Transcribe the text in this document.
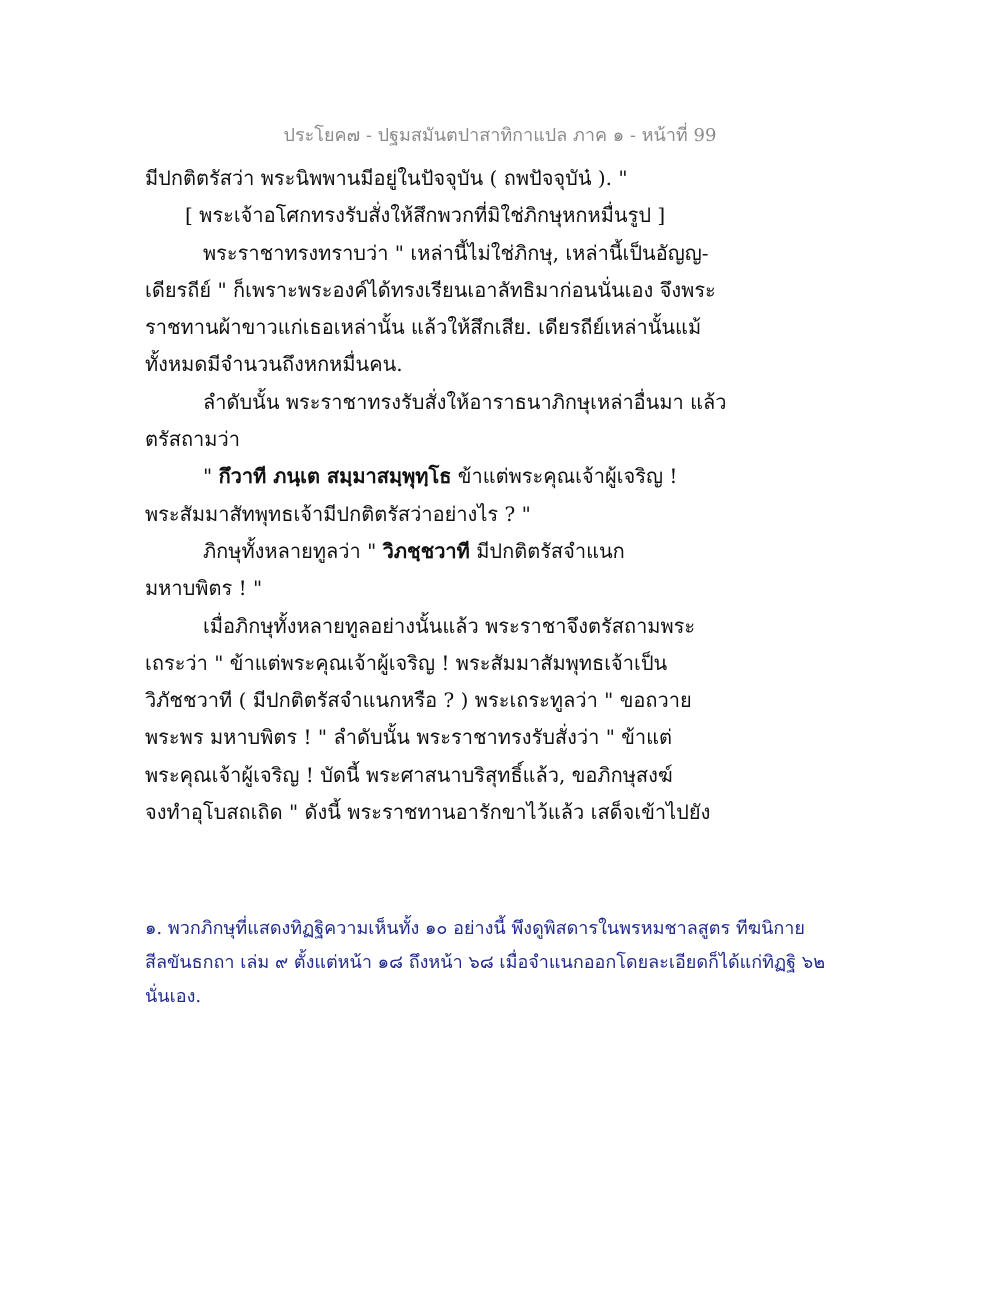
ประโยค๗ - ปฐมสมันตปาสาทิกาแปล ภาค ๑ - หน้าที่ 99
มีปกติตรัสว่า พระนิพพานมีอยู่ในปัจจุบัน ( ถพปัจจุบัน๋ ). "
[ พระเจ้าอโศกทรงรับสั่งให้สึกพวกที่มิใช่ภิกษุหกหมื่นรูป ]
พระราชาทรงทราบว่า " เหล่านี้ไม่ใช่ภิกษุ, เหล่านี้เป็นอัญญ-
เดียรถีย์ " ก็เพราะพระองค์ได้ทรงเรียนเอาลัทธิมาก่อนนั่นเอง จึงพระ
ราชทานผ้าขาวแก่เธอเหล่านั้น แล้วให้สึกเสีย. เดียรถีย์เหล่านั้นแม้
ทั้งหมดมีจำนวนถึงหกหมื่นคน.
ลำดับนั้น พระราชาทรงรับสั่งให้อาราธนาภิกษุเหล่าอื่นมา แล้ว
ตรัสถามว่า
" กึวาที ภนฺเต สมฺมาสมฺพุทฺโธ ข้าแต่พระคุณเจ้าผู้เจริญ !
พระสัมมาสัทพุทธเจ้ามีปกติตรัสว่าอย่างไร ? "
ภิกษุทั้งหลายทูลว่า " วิภชฺชวาที มีปกติตรัสจำแนก
มหาบพิตร ! "
เมื่อภิกษุทั้งหลายทูลอย่างนั้นแล้ว พระราชาจึงตรัสถามพระ
เถระว่า " ข้าแต่พระคุณเจ้าผู้เจริญ ! พระสัมมาสัมพุทธเจ้าเป็น
วิภัชชวาที ( มีปกติตรัสจำแนกหรือ ? ) พระเถระทูลว่า " ขอถวาย
พระพร มหาบพิตร ! " ลำดับนั้น พระราชาทรงรับสั่งว่า " ข้าแต่
พระคุณเจ้าผู้เจริญ ! บัดนี้ พระศาสนาบริสุทธิ์แล้ว, ขอภิกษุสงฆ์
จงทำอุโบสถเถิด " ดังนี้ พระราชทานอารักขาไว้แล้ว เสด็จเข้าไปยัง
๑. พวกภิกษุที่แสดงทิฏฐิความเห็นทั้ง ๑๐ อย่างนี้ พึงดูพิสดารในพรหมชาลสูตร ทีฆนิกาย
สีลขันธกถา เล่ม ๙ ตั้งแต่หน้า ๑๘ ถึงหน้า ๖๘ เมื่อจำแนกออกโดยละเอียดก็ได้แก่ทิฏฐิ ๖๒
นั่นเอง.
